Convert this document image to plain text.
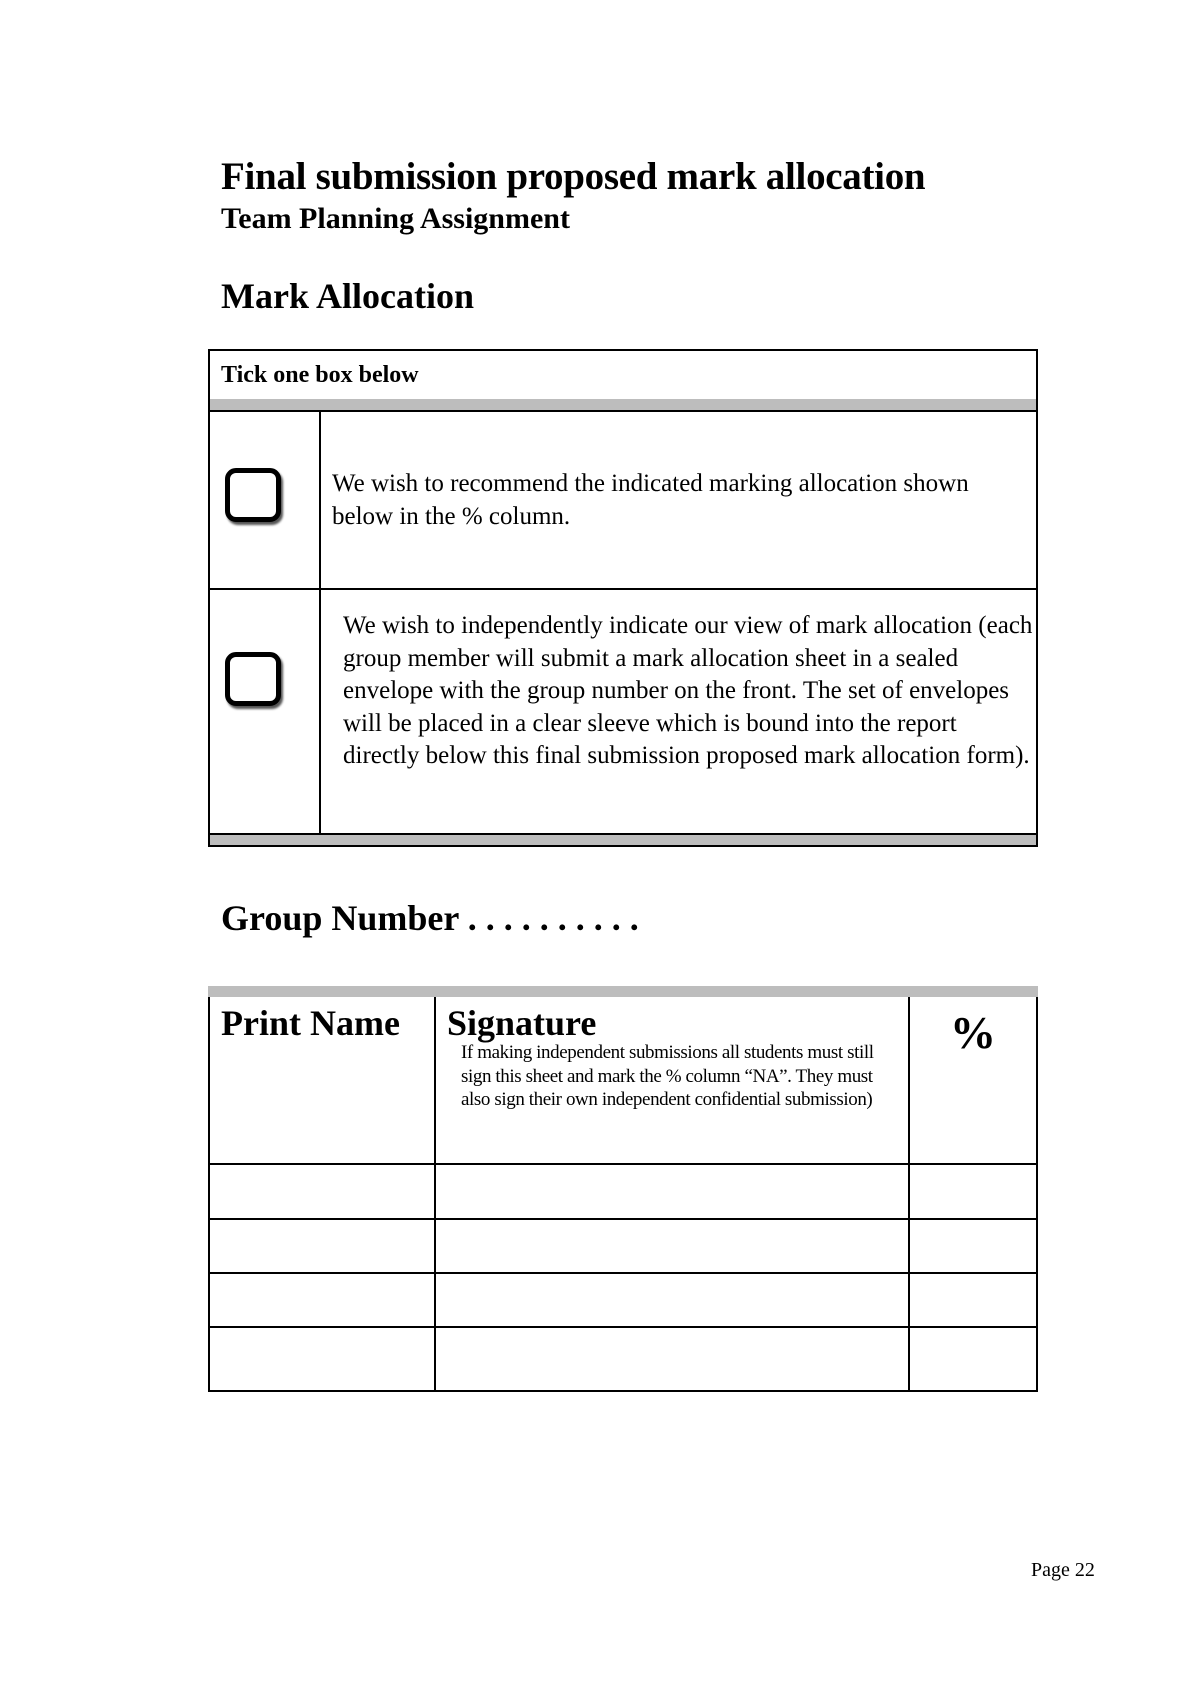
Final submission proposed mark allocation
Team Planning Assignment
Mark Allocation
Tick one box below
We wish to recommend the indicated marking allocation shown below in the % column.
We wish to independently indicate our view of mark allocation (each group member will submit a mark allocation sheet in a sealed envelope with the group number on the front. The set of envelopes will be placed in a clear sleeve which is bound into the report directly below this final submission proposed mark allocation form).
Group Number . . . . . . . . . .
Print Name Signature
If making independent submissions all students must still sign this sheet and mark the % column “NA”. They must also sign their own independent confidential submission)
%
Page 22
